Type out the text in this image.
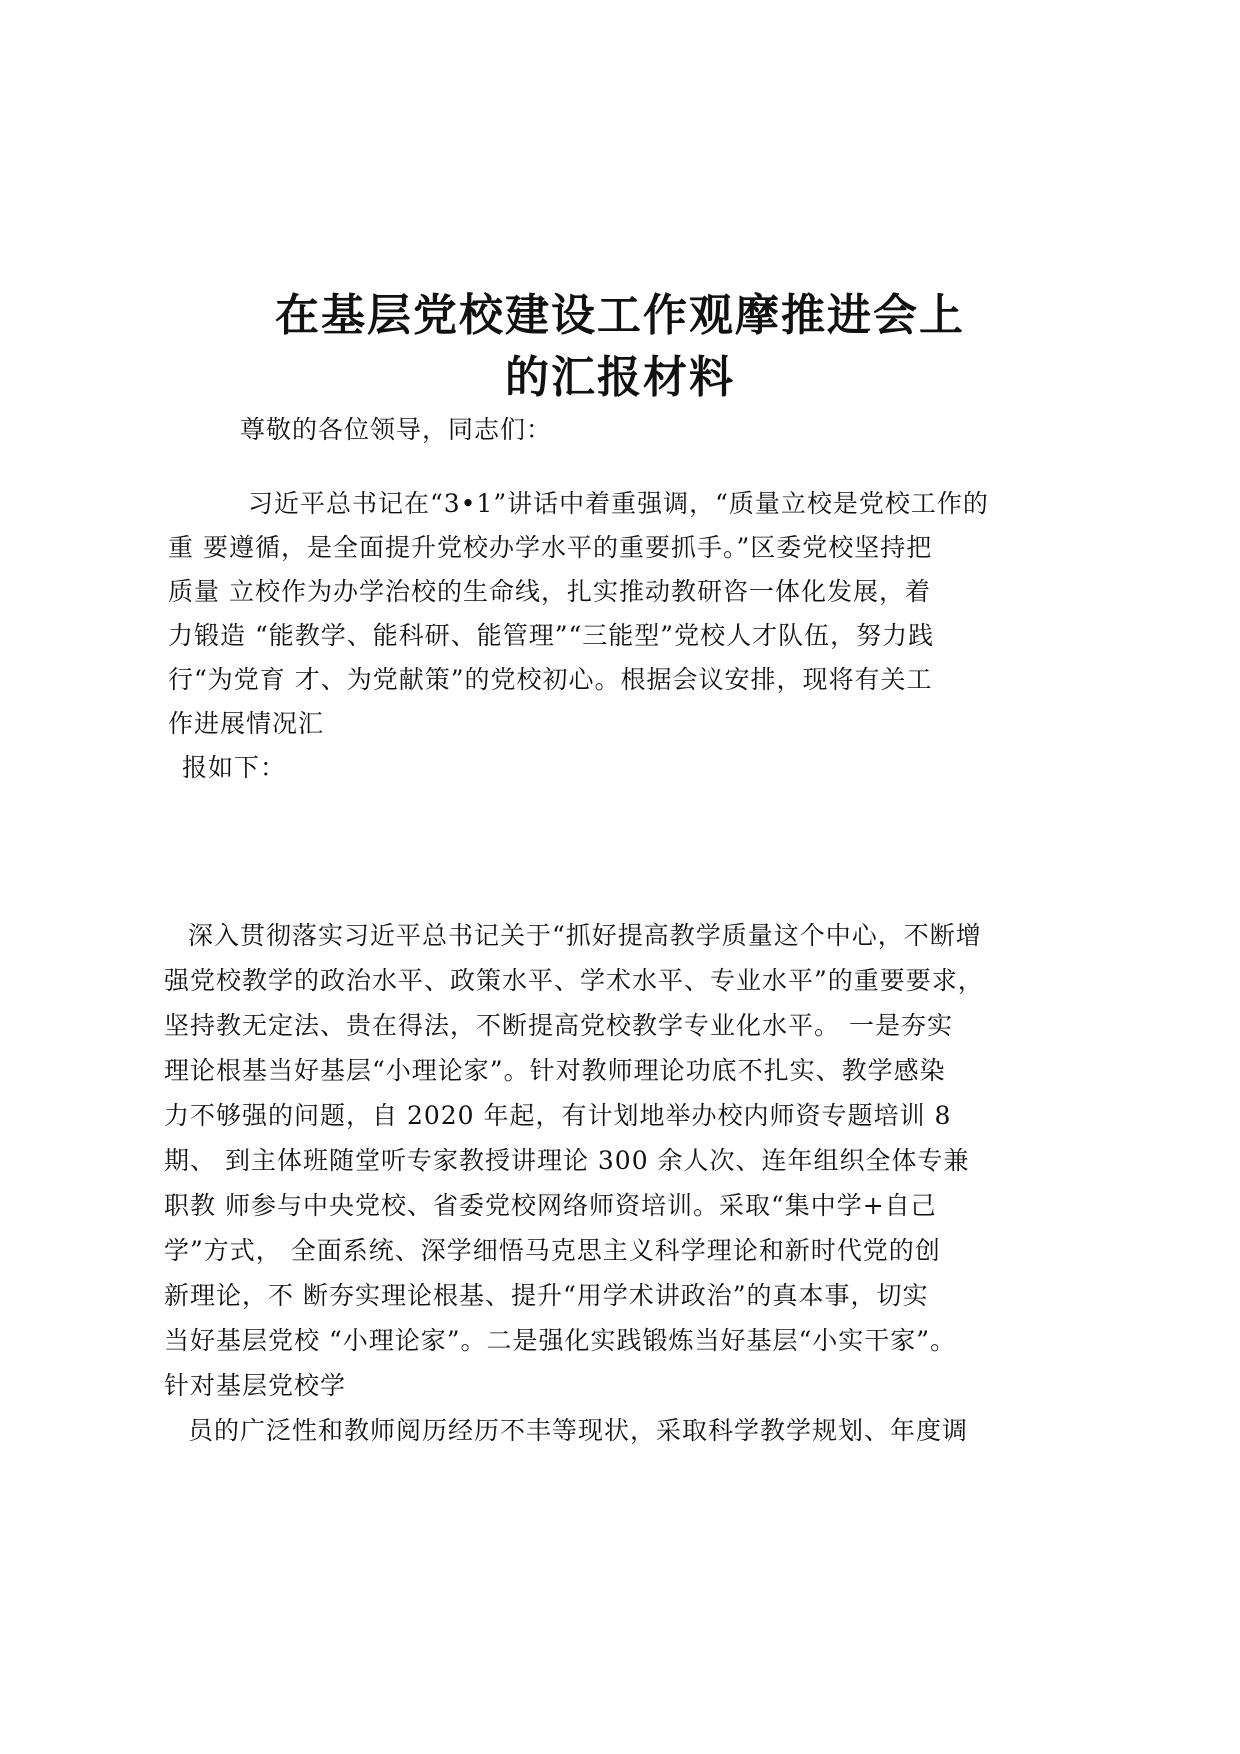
在基层党校建设工作观摩推进会上
的汇报材料
尊敬的各位领导，同志们：
习近平总书记在“3•1”讲话中着重强调，“质量立校是党校工作的
重 要遵循，是全面提升党校办学水平的重要抓手。”区委党校坚持把
质量 立校作为办学治校的生命线，扎实推动教研咨一体化发展，着
力锻造 “能教学、能科研、能管理”“三能型”党校人才队伍，努力践
行“为党育 才、为党献策”的党校初心。根据会议安排，现将有关工
作进展情况汇
报如下：
深入贯彻落实习近平总书记关于“抓好提高教学质量这个中心，不断增
强党校教学的政治水平、政策水平、学术水平、专业水平”的重要要求，
坚持教无定法、贵在得法，不断提高党校教学专业化水平。 一是夯实
理论根基当好基层“小理论家”。针对教师理论功底不扎实、教学感染
力不够强的问题，自 2020 年起，有计划地举办校内师资专题培训 8
期、 到主体班随堂听专家教授讲理论 300 余人次、连年组织全体专兼
职教 师参与中央党校、省委党校网络师资培训。采取“集中学+自己
学”方式， 全面系统、深学细悟马克思主义科学理论和新时代党的创
新理论，不 断夯实理论根基、提升“用学术讲政治”的真本事，切实
当好基层党校 “小理论家”。二是强化实践锻炼当好基层“小实干家”。
针对基层党校学
员的广泛性和教师阅历经历不丰等现状，采取科学教学规划、年度调
